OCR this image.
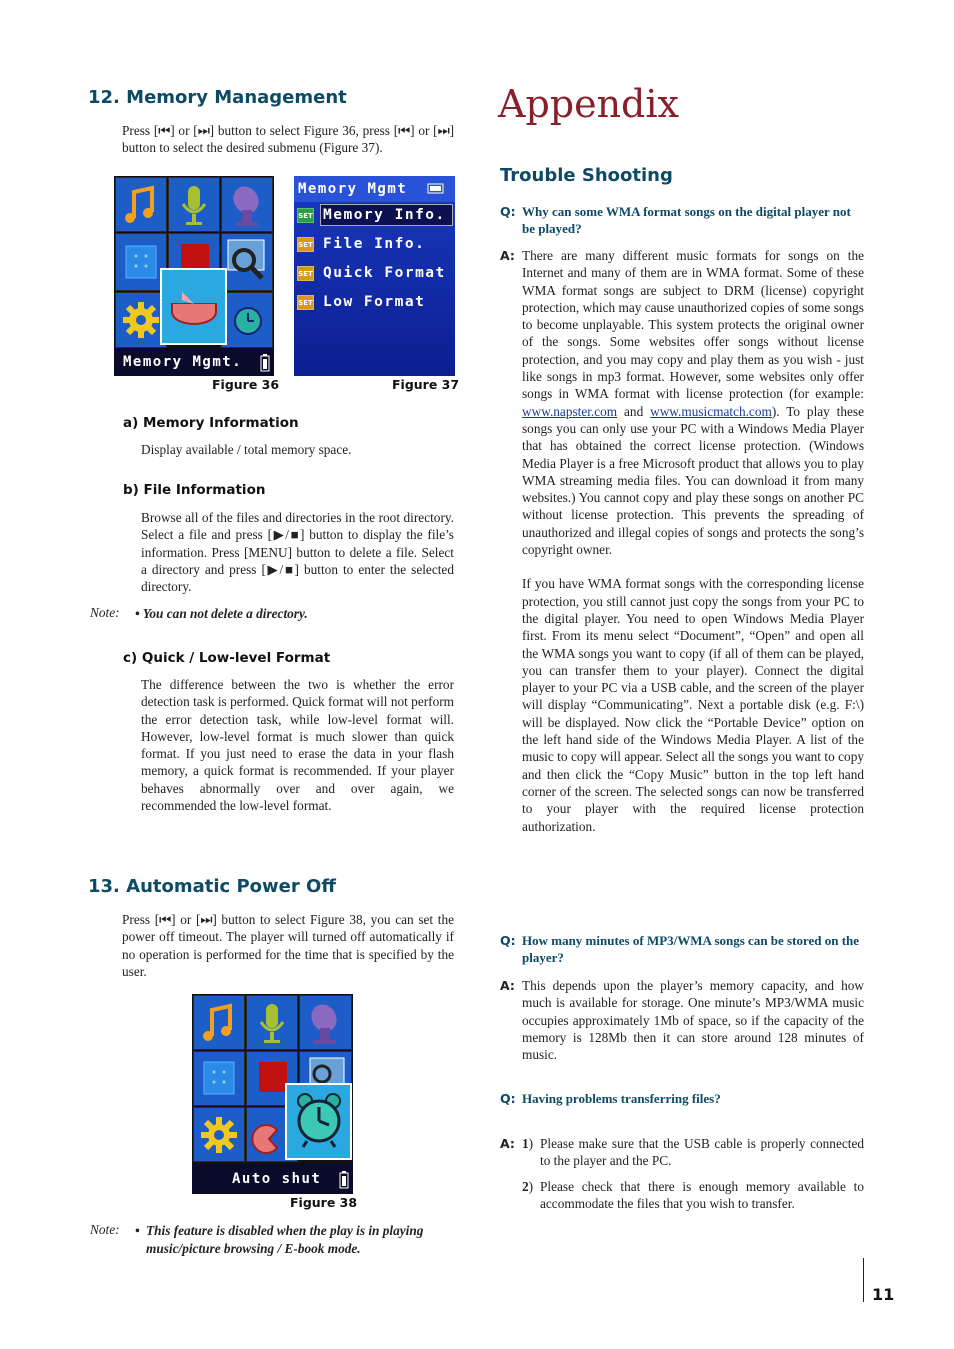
12. Memory Management
Press [⏮] or [⏭] button to select Figure 36, press [⏮] or [⏭] button to select the desired submenu (Figure 37).
Memory Mgmt.
Figure 36
Memory Mgmt
SET Memory Info.
SET File Info.
SET Quick Format
SET Low Format
Figure 37
a) Memory Information
Display available / total memory space.
b) File Information
Browse all of the files and directories in the root directory. Select a file and press [▶/■] button to display the file’s information. Press [MENU] button to delete a file. Select a directory and press [▶/■] button to enter the selected directory.
Note: • You can not delete a directory.
c) Quick / Low-level Format
The difference between the two is whether the error detection task is performed. Quick format will not perform the error detection task, while low-level format will. However, low-level format is much slower than quick format. If you just need to erase the data in your flash memory, a quick format is recommended. If your player behaves abnormally over and over again, we recommended the low-level format.
13. Automatic Power Off
Press [⏮] or [⏭] button to select Figure 38, you can set the power off timeout. The player will turned off automatically if no operation is performed for the time that is specified by the user.
Auto shut
Figure 38
Note: • This feature is disabled when the play is in playing music/picture browsing / E-book mode.
Appendix
Trouble Shooting
Q: Why can some WMA format songs on the digital player not be played?
A: There are many different music formats for songs on the Internet and many of them are in WMA format. Some of these WMA format songs are subject to DRM (license) copyright protection, which may cause unauthorized copies of some songs to become unplayable. This system protects the original owner of the songs. Some websites offer songs without license protection, and you may copy and play them as you wish - just like songs in mp3 format. However, some websites only offer songs in WMA format with license protection (for example: www.napster.com and www.musicmatch.com). To play these songs you can only use your PC with a Windows Media Player that has obtained the correct license protection. (Windows Media Player is a free Microsoft product that allows you to play WMA streaming media files. You can download it from many websites.) You cannot copy and play these songs on another PC without license protection. This prevents the spreading of unauthorized and illegal copies of songs and protects the song’s copyright owner.
If you have WMA format songs with the corresponding license protection, you still cannot just copy the songs from your PC to the digital player. You need to open Windows Media Player first. From its menu select “Document”, “Open” and open all the WMA songs you want to copy (if all of them can be played, you can transfer them to your player). Connect the digital player to your PC via a USB cable, and the screen of the player will display “Communicating”. Next a portable disk (e.g. F:\) will be displayed. Now click the “Portable Device” option on the left hand side of the Windows Media Player. A list of the music to copy will appear. Select all the songs you want to copy and then click the “Copy Music” button in the top left hand corner of the screen. The selected songs can now be transferred to your player with the required license protection authorization.
Q: How many minutes of MP3/WMA songs can be stored on the player?
A: This depends upon the player’s memory capacity, and how much is available for storage. One minute’s MP3/WMA music occupies approximately 1Mb of space, so if the capacity of the memory is 128Mb then it can store around 128 minutes of music.
Q: Having problems transferring files?
A: 1) Please make sure that the USB cable is properly connected to the player and the PC.
2) Please check that there is enough memory available to accommodate the files that you wish to transfer.
11
